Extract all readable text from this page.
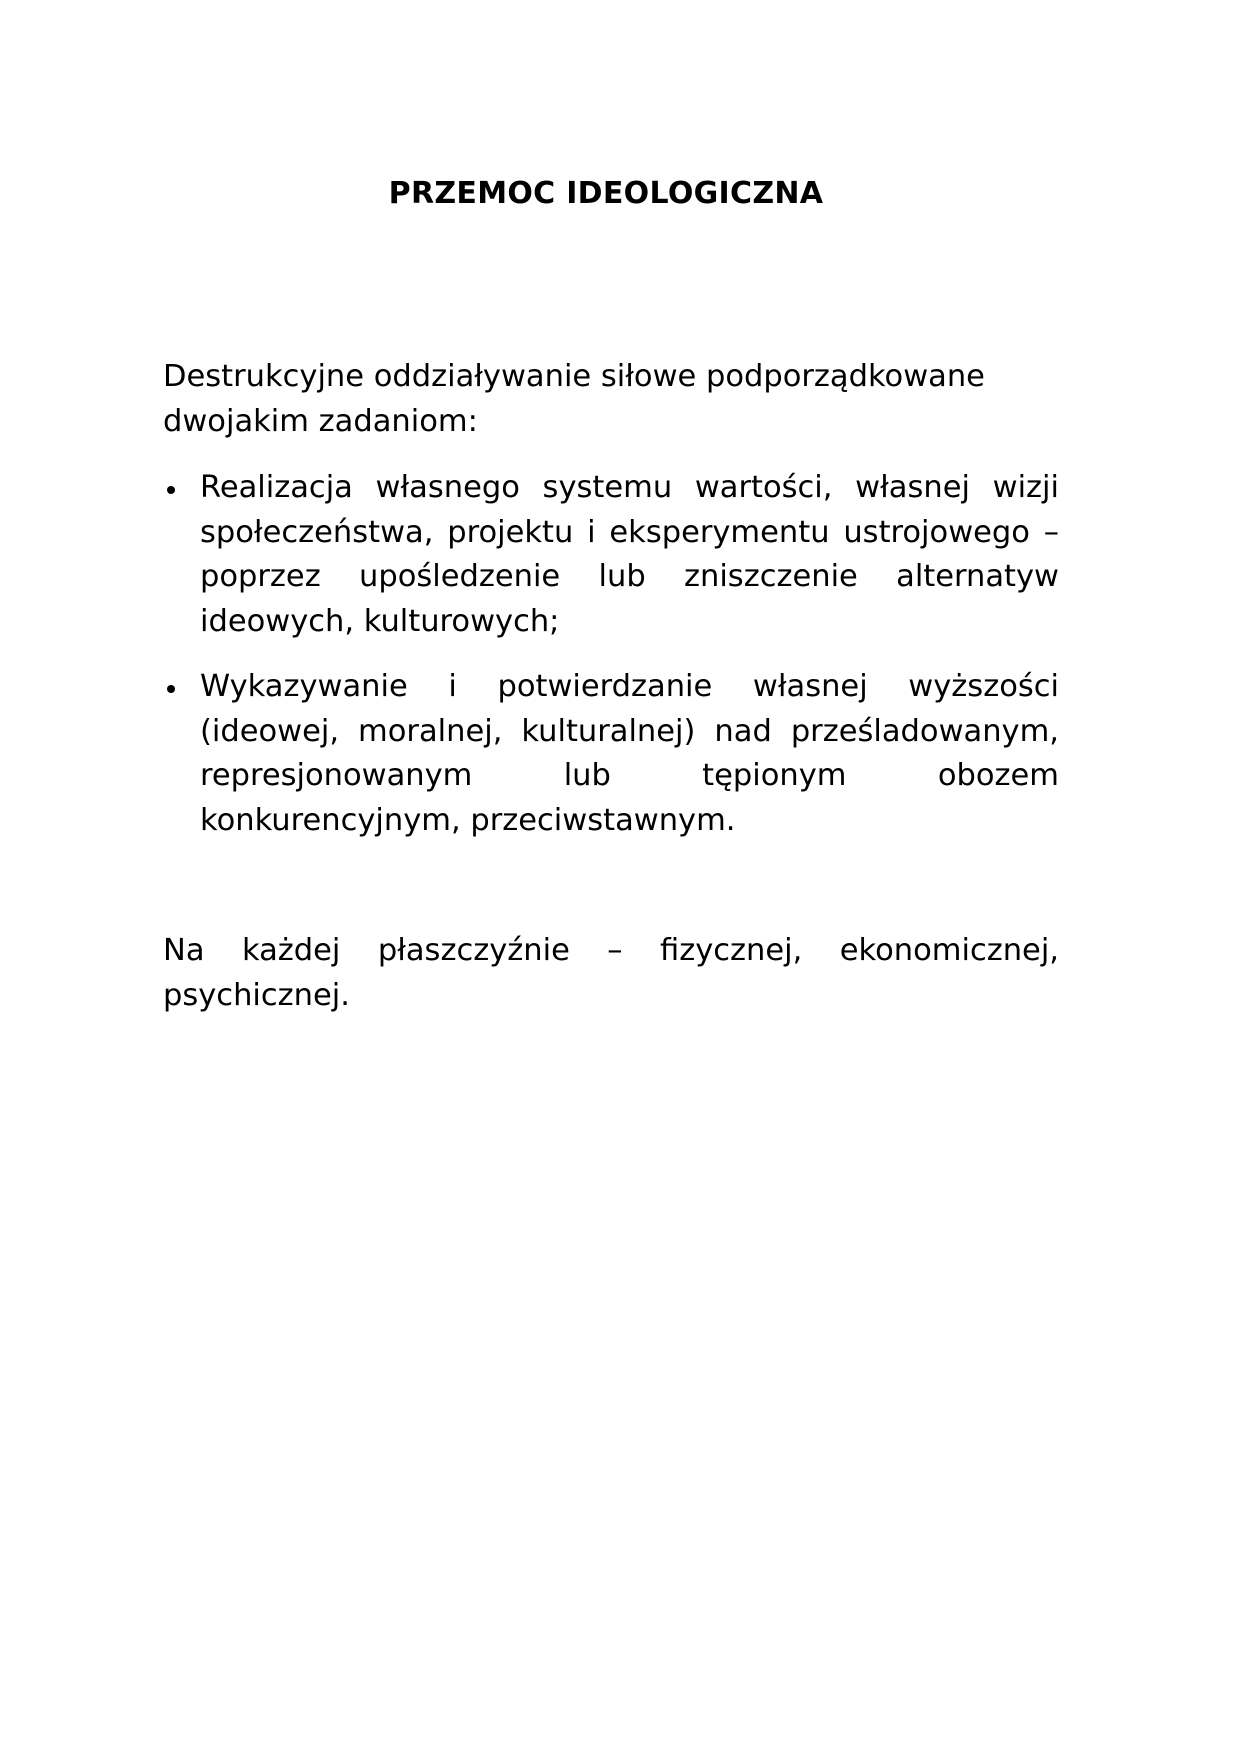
PRZEMOC IDEOLOGICZNA

Destrukcyjne oddziaływanie siłowe podporządkowane dwojakim zadaniom:

Realizacja własnego systemu wartości, własnej wizji społeczeństwa, projektu i eksperymentu ustrojowego – poprzez upośledzenie lub zniszczenie alternatyw ideowych, kulturowych;
Wykazywanie i potwierdzanie własnej wyższości (ideowej, moralnej, kulturalnej) nad prześladowanym, represjonowanym lub tępionym obozem konkurencyjnym, przeciwstawnym.

Na każdej płaszczyźnie – fizycznej, ekonomicznej, psychicznej.
